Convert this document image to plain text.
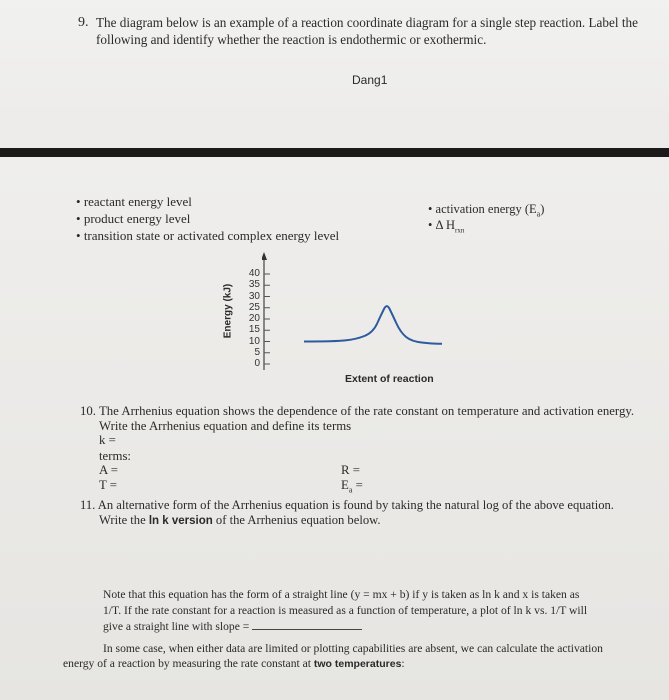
9. The diagram below is an example of a reaction coordinate diagram for a single step reaction. Label the
following and identify whether the reaction is endothermic or exothermic.
Dang1
• reactant energy level
• product energy level
• transition state or activated complex energy level
• activation energy $(E_a)$
• Δ $H_{rxn}$
Energy (kJ)
40
35
30
25
20
15
10
5
0
Extent of reaction
10. The Arrhenius equation shows the dependence of the rate constant on temperature and activation energy.
Write the Arrhenius equation and define its terms
k =
terms:
A =	R =
T =	$E_a$ =
11. An alternative form of the Arrhenius equation is found by taking the natural log of the above equation.
Write the ln k version of the Arrhenius equation below.
Note that this equation has the form of a straight line (y = mx + b) if y is taken as ln k and x is taken as
1/T. If the rate constant for a reaction is measured as a function of temperature, a plot of ln k vs. 1/T will
give a straight line with slope =
In some case, when either data are limited or plotting capabilities are absent, we can calculate the activation
energy of a reaction by measuring the rate constant at two temperatures:
